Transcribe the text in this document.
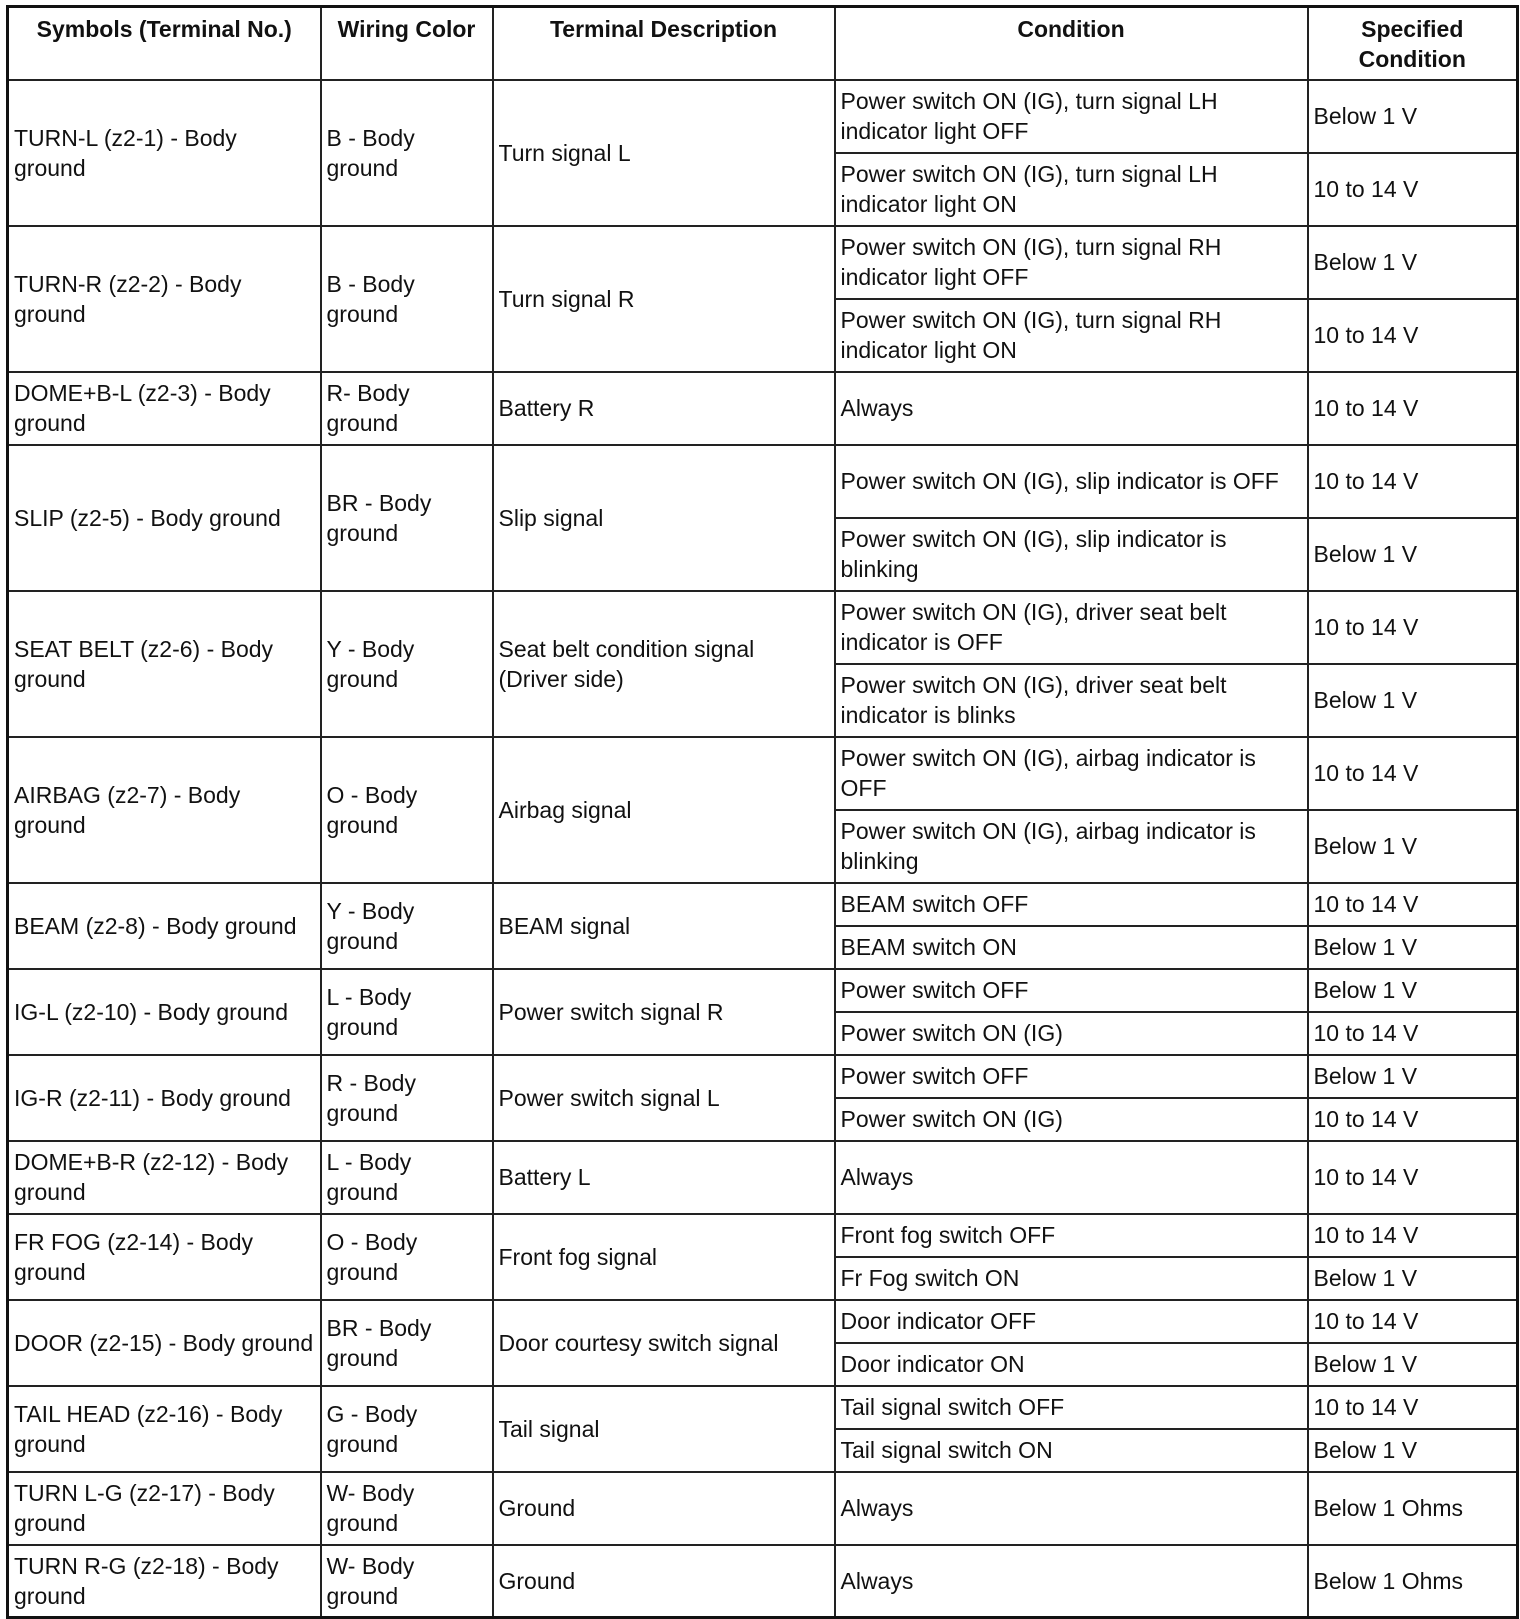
Symbols (Terminal No.)	Wiring Color	Terminal Description	Condition	Specified Condition
TURN-L (z2-1) - Body ground	B - Body ground	Turn signal L	Power switch ON (IG), turn signal LH indicator light OFF	Below 1 V
			Power switch ON (IG), turn signal LH indicator light ON	10 to 14 V
TURN-R (z2-2) - Body ground	B - Body ground	Turn signal R	Power switch ON (IG), turn signal RH indicator light OFF	Below 1 V
			Power switch ON (IG), turn signal RH indicator light ON	10 to 14 V
DOME+B-L (z2-3) - Body ground	R- Body ground	Battery R	Always	10 to 14 V
SLIP (z2-5) - Body ground	BR - Body ground	Slip signal	Power switch ON (IG), slip indicator is OFF	10 to 14 V
			Power switch ON (IG), slip indicator is blinking	Below 1 V
SEAT BELT (z2-6) - Body ground	Y - Body ground	Seat belt condition signal (Driver side)	Power switch ON (IG), driver seat belt indicator is OFF	10 to 14 V
			Power switch ON (IG), driver seat belt indicator is blinks	Below 1 V
AIRBAG (z2-7) - Body ground	O - Body ground	Airbag signal	Power switch ON (IG), airbag indicator is OFF	10 to 14 V
			Power switch ON (IG), airbag indicator is blinking	Below 1 V
BEAM (z2-8) - Body ground	Y - Body ground	BEAM signal	BEAM switch OFF	10 to 14 V
			BEAM switch ON	Below 1 V
IG-L (z2-10) - Body ground	L - Body ground	Power switch signal R	Power switch OFF	Below 1 V
			Power switch ON (IG)	10 to 14 V
IG-R (z2-11) - Body ground	R - Body ground	Power switch signal L	Power switch OFF	Below 1 V
			Power switch ON (IG)	10 to 14 V
DOME+B-R (z2-12) - Body ground	L - Body ground	Battery L	Always	10 to 14 V
FR FOG (z2-14) - Body ground	O - Body ground	Front fog signal	Front fog switch OFF	10 to 14 V
			Fr Fog switch ON	Below 1 V
DOOR (z2-15) - Body ground	BR - Body ground	Door courtesy switch signal	Door indicator OFF	10 to 14 V
			Door indicator ON	Below 1 V
TAIL HEAD (z2-16) - Body ground	G - Body ground	Tail signal	Tail signal switch OFF	10 to 14 V
			Tail signal switch ON	Below 1 V
TURN L-G (z2-17) - Body ground	W- Body ground	Ground	Always	Below 1 Ohms
TURN R-G (z2-18) - Body ground	W- Body ground	Ground	Always	Below 1 Ohms
